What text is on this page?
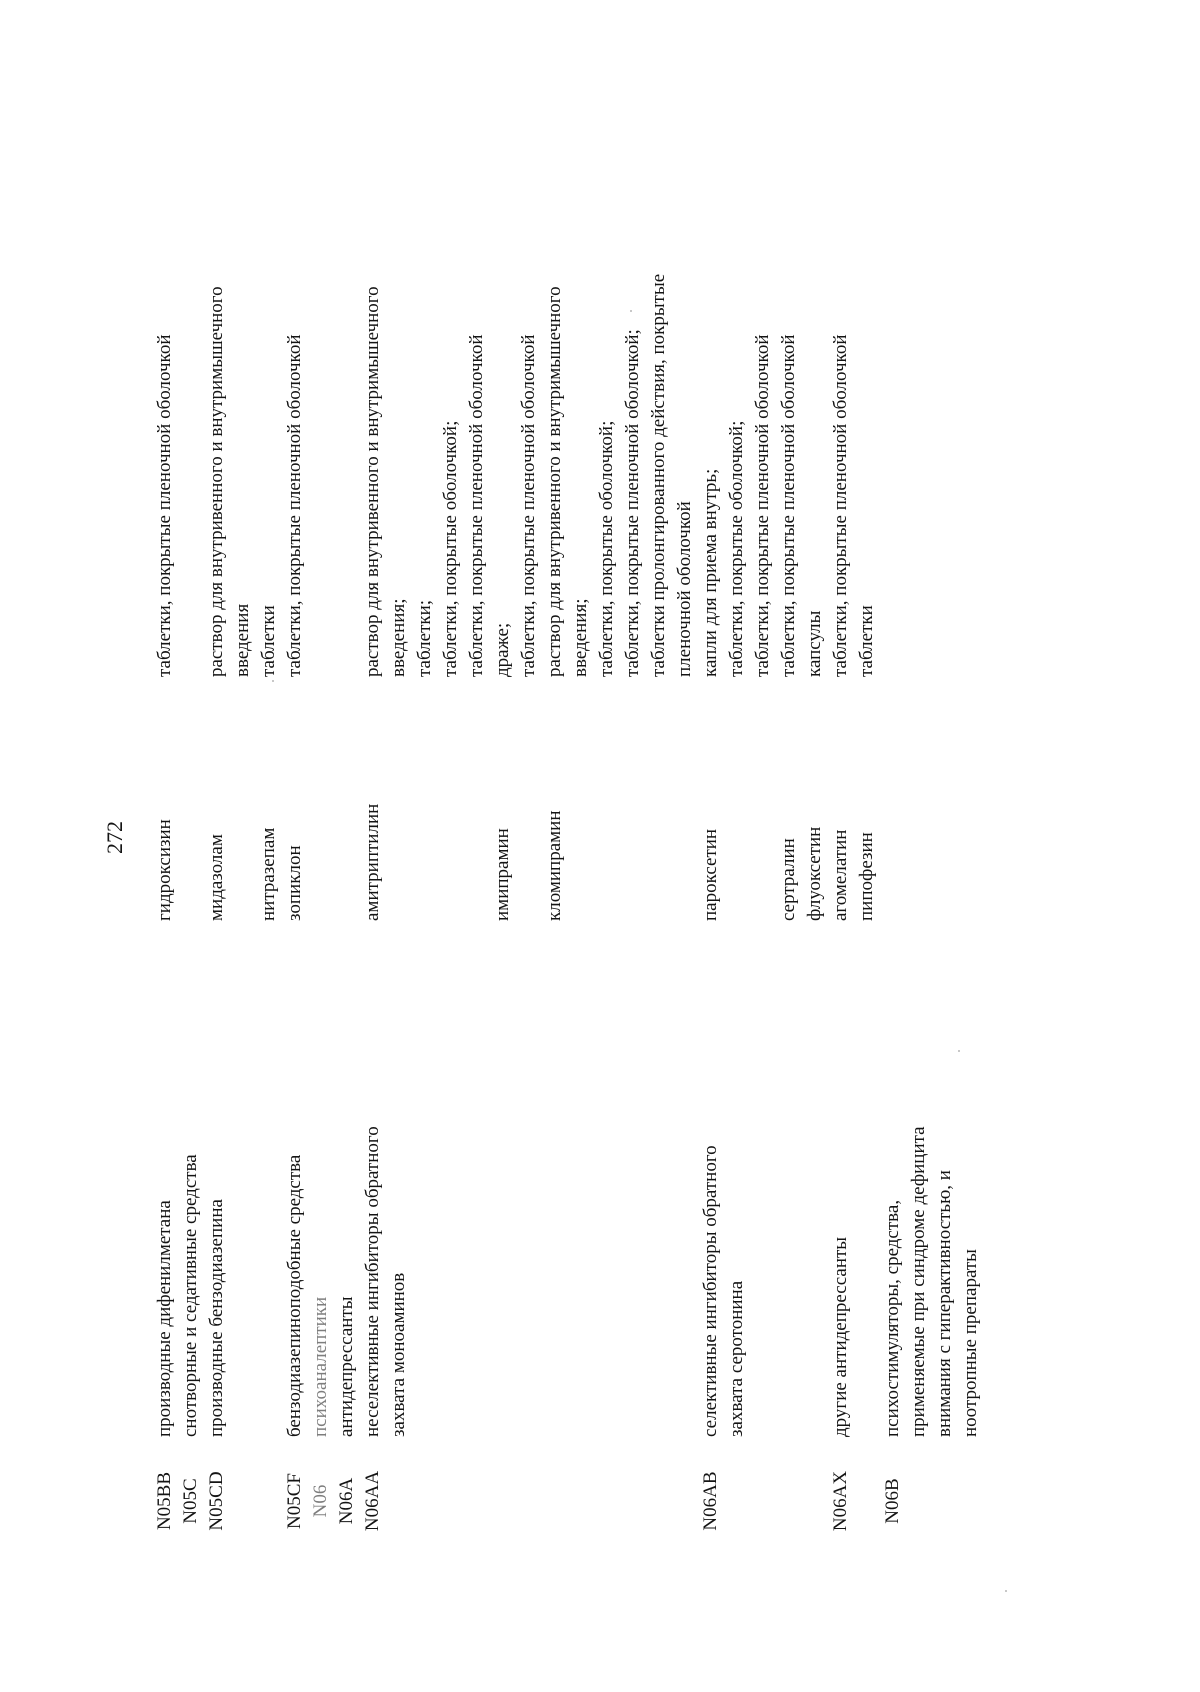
272
N05BB
производные дифенилметана
гидроксизин
таблетки, покрытые пленочной оболочкой
N05C
снотворные и седативные средства
N05CD
производные бензодиазепина
мидазолам
раствор для внутривенного и внутримышечного введения
нитразепам
таблетки
N05CF
бензодиазепиноподобные средства
зопиклон
таблетки, покрытые пленочной оболочкой
N06
психоаналептики
N06A
антидепрессанты
N06AA
неселективные ингибиторы обратного захвата моноаминов
амитриптилин
раствор для внутривенного и внутримышечного введения; таблетки; таблетки, покрытые оболочкой; таблетки, покрытые пленочной оболочкой
имипрамин
драже; таблетки, покрытые пленочной оболочкой
кломипрамин
раствор для внутривенного и внутримышечного введения; таблетки, покрытые оболочкой; таблетки, покрытые пленочной оболочкой; таблетки пролонгированного действия, покрытые пленочной оболочкой
N06AB
селективные ингибиторы обратного захвата серотонина
пароксетин
капли для приема внутрь; таблетки, покрытые оболочкой; таблетки, покрытые пленочной оболочкой
сертралин
таблетки, покрытые пленочной оболочкой
флуоксетин
капсулы
N06AX
другие антидепрессанты
агомелатин
таблетки, покрытые пленочной оболочкой
пипофезин
таблетки
N06B
психостимуляторы, средства, применяемые при синдроме дефицита внимания с гиперактивностью, и ноотропные препараты
